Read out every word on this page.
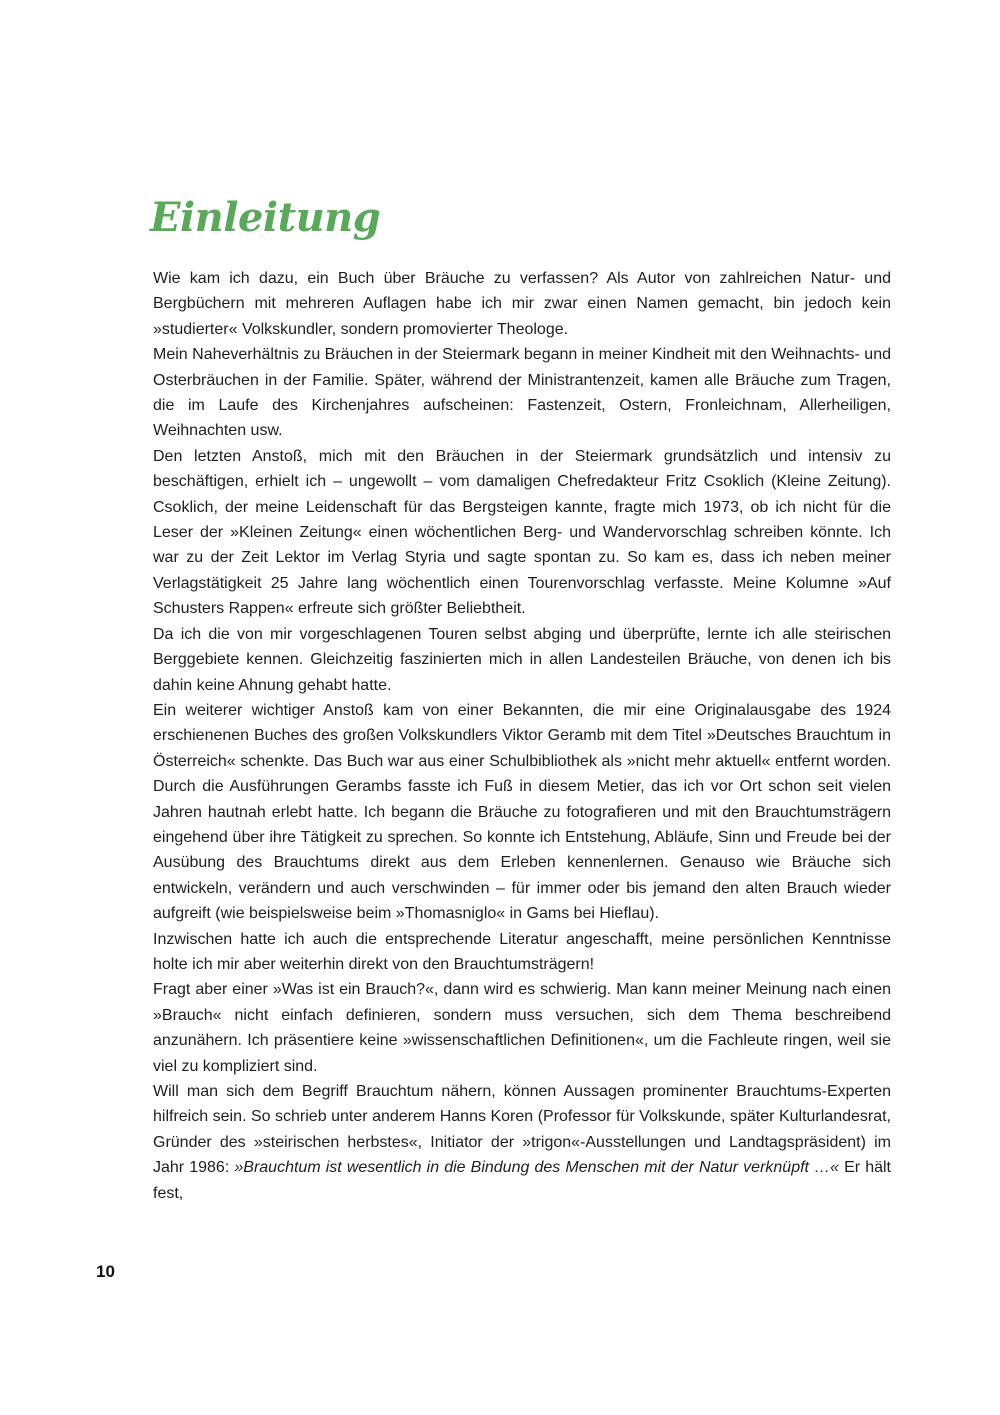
Einleitung

Wie kam ich dazu, ein Buch über Bräuche zu verfassen? Als Autor von zahlreichen Natur- und Bergbüchern mit mehreren Auflagen habe ich mir zwar einen Namen gemacht, bin jedoch kein »studierter« Volkskundler, sondern promovierter Theologe.

Mein Naheverhältnis zu Bräuchen in der Steiermark begann in meiner Kindheit mit den Weihnachts- und Osterbräuchen in der Familie. Später, während der Ministrantenzeit, kamen alle Bräuche zum Tragen, die im Laufe des Kirchenjahres aufscheinen: Fastenzeit, Ostern, Fronleichnam, Allerheiligen, Weihnachten usw.

Den letzten Anstoß, mich mit den Bräuchen in der Steiermark grundsätzlich und intensiv zu beschäftigen, erhielt ich – ungewollt – vom damaligen Chefredakteur Fritz Csoklich (Kleine Zeitung). Csoklich, der meine Leidenschaft für das Bergsteigen kannte, fragte mich 1973, ob ich nicht für die Leser der »Kleinen Zeitung« einen wöchentlichen Berg- und Wandervorschlag schreiben könnte. Ich war zu der Zeit Lektor im Verlag Styria und sagte spontan zu. So kam es, dass ich neben meiner Verlagstätigkeit 25 Jahre lang wöchentlich einen Tourenvorschlag verfasste. Meine Kolumne »Auf Schusters Rappen« erfreute sich größter Beliebtheit.

Da ich die von mir vorgeschlagenen Touren selbst abging und überprüfte, lernte ich alle steirischen Berggebiete kennen. Gleichzeitig faszinierten mich in allen Landesteilen Bräuche, von denen ich bis dahin keine Ahnung gehabt hatte.

Ein weiterer wichtiger Anstoß kam von einer Bekannten, die mir eine Originalausgabe des 1924 erschienenen Buches des großen Volkskundlers Viktor Geramb mit dem Titel »Deutsches Brauchtum in Österreich« schenkte. Das Buch war aus einer Schulbibliothek als »nicht mehr aktuell« entfernt worden. Durch die Ausführungen Gerambs fasste ich Fuß in diesem Metier, das ich vor Ort schon seit vielen Jahren hautnah erlebt hatte. Ich begann die Bräuche zu fotografieren und mit den Brauchtumsträgern eingehend über ihre Tätigkeit zu sprechen. So konnte ich Entstehung, Abläufe, Sinn und Freude bei der Ausübung des Brauchtums direkt aus dem Erleben kennenlernen. Genauso wie Bräuche sich entwickeln, verändern und auch verschwinden – für immer oder bis jemand den alten Brauch wieder aufgreift (wie beispielsweise beim »Thomasniglo« in Gams bei Hieflau).

Inzwischen hatte ich auch die entsprechende Literatur angeschafft, meine persönlichen Kenntnisse holte ich mir aber weiterhin direkt von den Brauchtumsträgern!

Fragt aber einer »Was ist ein Brauch?«, dann wird es schwierig. Man kann meiner Meinung nach einen »Brauch« nicht einfach definieren, sondern muss versuchen, sich dem Thema beschreibend anzunähern. Ich präsentiere keine »wissenschaftlichen Definitionen«, um die Fachleute ringen, weil sie viel zu kompliziert sind.

Will man sich dem Begriff Brauchtum nähern, können Aussagen prominenter Brauchtums-Experten hilfreich sein. So schrieb unter anderem Hanns Koren (Professor für Volkskunde, später Kulturlandesrat, Gründer des »steirischen herbstes«, Initiator der »trigon«-Ausstellungen und Landtagspräsident) im Jahr 1986: »Brauchtum ist wesentlich in die Bindung des Menschen mit der Natur verknüpft …« Er hält fest,

10
